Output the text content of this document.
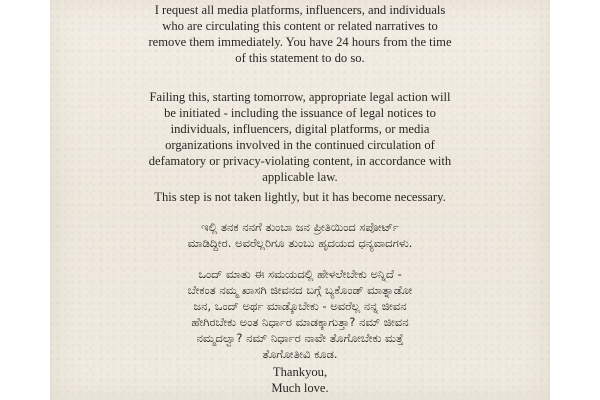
I request all media platforms, influencers, and individuals
who are circulating this content or related narratives to
remove them immediately. You have 24 hours from the time
of this statement to do so.

Failing this, starting tomorrow, appropriate legal action will
be initiated - including the issuance of legal notices to
individuals, influencers, digital platforms, or media
organizations involved in the continued circulation of
defamatory or privacy-violating content, in accordance with
applicable law.

This step is not taken lightly, but it has become necessary.

ಇಲ್ಲಿ ತನಕ ನನಗೆ ತುಂಬಾ ಜನ ಪ್ರೀತಿಯಿಂದ ಸಪೋರ್ಟ್
ಮಾಡಿದ್ದೀರ. ಅವರೆಲ್ಲರಿಗೂ ತುಂಬು ಹೃದಯದ ಧನ್ಯವಾದಗಳು.

ಒಂದ್ ಮಾತು ಈ ಸಮಯದಲ್ಲಿ ಹೇಳಲೇಬೇಕು ಅನ್ನಿದೆ -
ಬೇಕಂತ ನಮ್ಮ ಖಾಸಗಿ ಜೀವನದ ಬಗ್ಗೆ ಬ್ಯಕೊಂಡ್ ಮಾತ್ನಾಡೋ
ಜನ, ಒಂದ್ ಅರ್ಥ ಮಾಡ್ಕೊಬೇಕು - ಅವರೆಲ್ಲ ನನ್ನ ಜೀವನ
ಹೇಗಿರಬೇಕು ಅಂತ ನಿರ್ಧಾರ ಮಾಡಕ್ಕಾಗುತ್ತಾ? ನಮ್ ಜೀವನ
ನಮ್ಮದಲ್ವಾ? ನಮ್ ನಿರ್ಧಾರ ನಾವೇ ತೊಗೋಬೇಕು ಮತ್ತೆ
ತೊಗೋತೀವಿ ಕೂಡ.

Thankyou,
Much love.
